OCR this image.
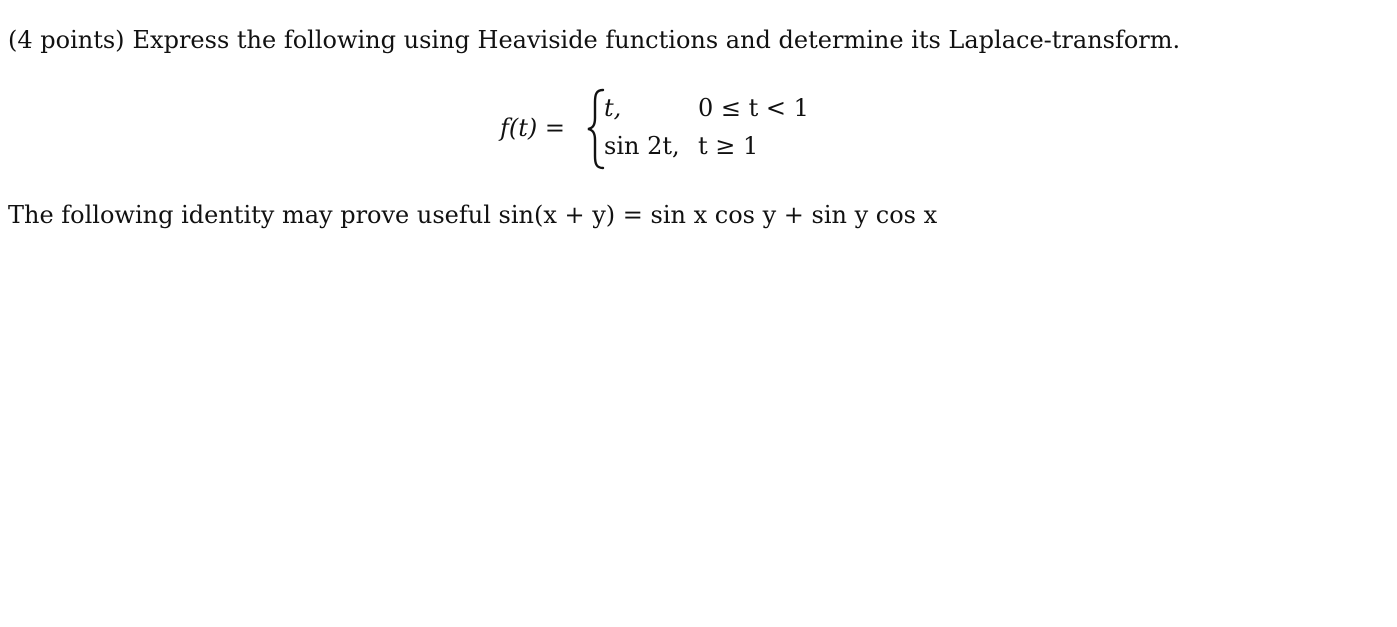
(4 points) Express the following using Heaviside functions and determine its Laplace-transform.
f(t) =
t,	0 ≤ t < 1
sin 2t, t ≥ 1
The following identity may prove useful sin(x + y) = sin x cos y + sin y cos x
